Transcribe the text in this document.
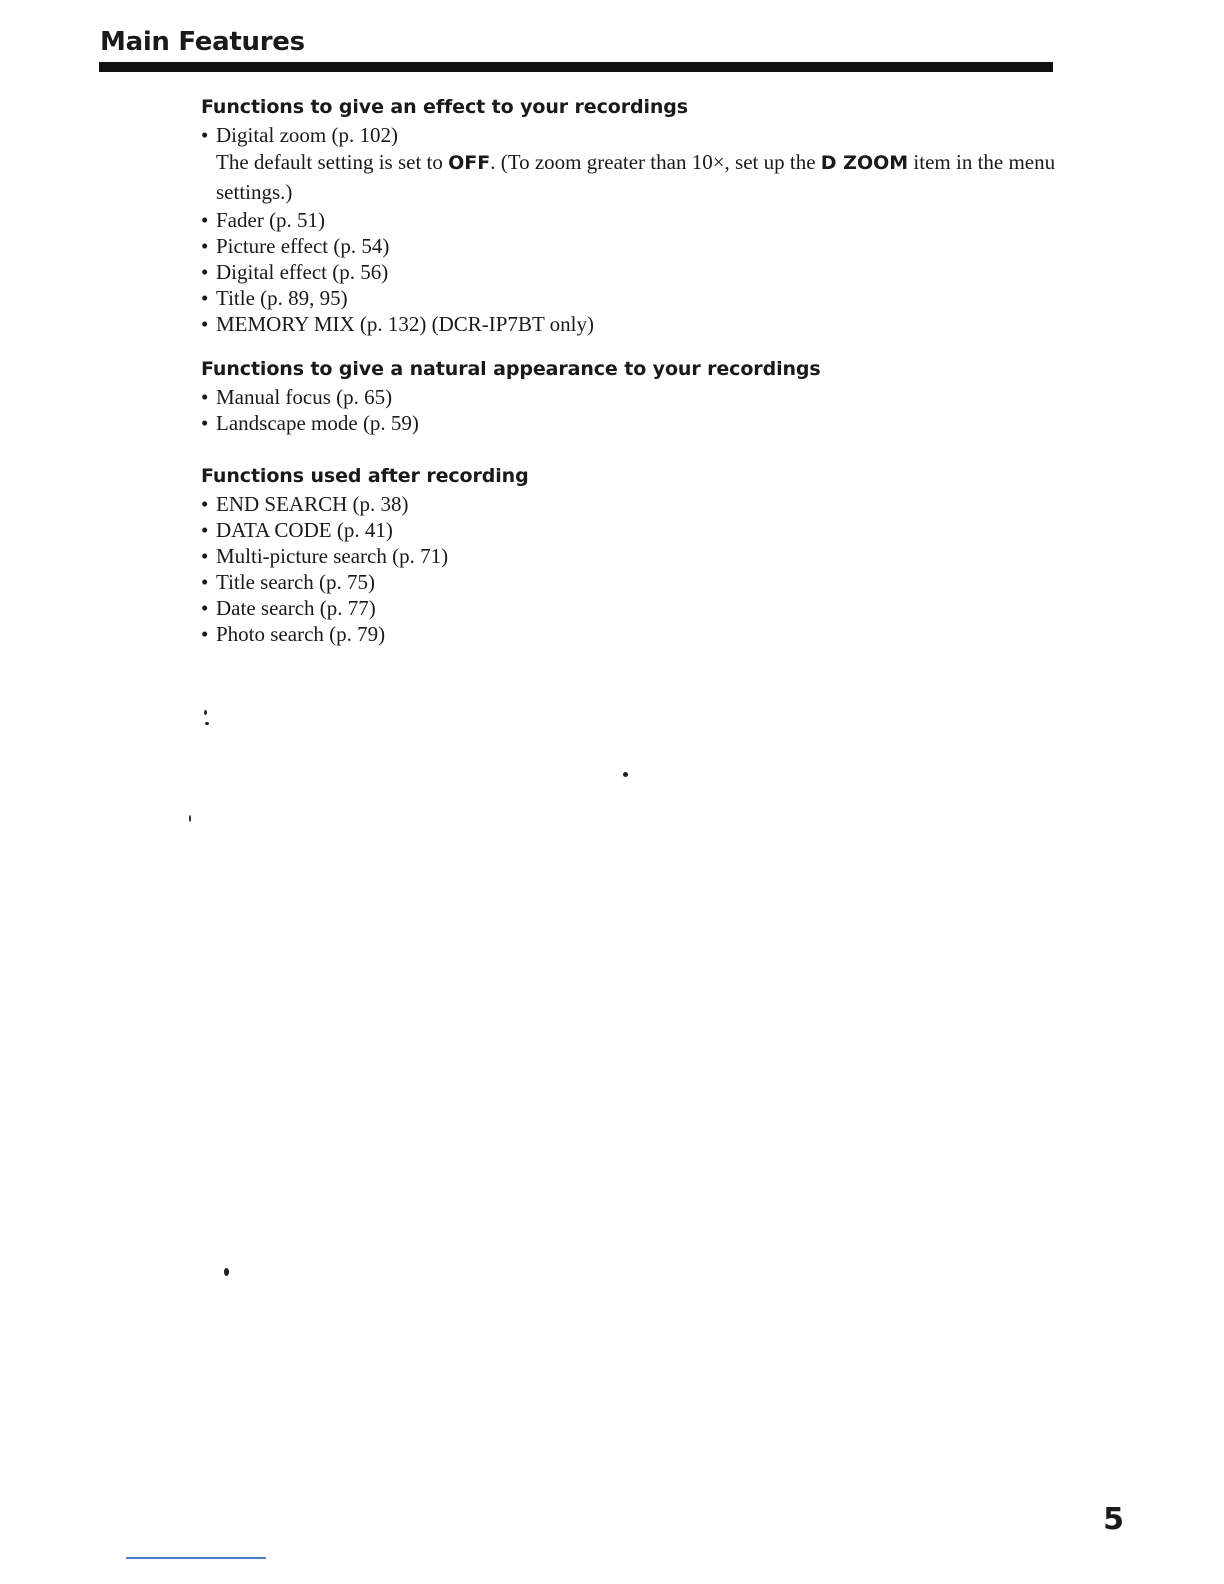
Main Features
Functions to give an effect to your recordings
• Digital zoom (p. 102)
The default setting is set to OFF. (To zoom greater than 10×, set up the D ZOOM item in the menu settings.)
• Fader (p. 51)
• Picture effect (p. 54)
• Digital effect (p. 56)
• Title (p. 89, 95)
• MEMORY MIX (p. 132) (DCR-IP7BT only)
Functions to give a natural appearance to your recordings
• Manual focus (p. 65)
• Landscape mode (p. 59)
Functions used after recording
• END SEARCH (p. 38)
• DATA CODE (p. 41)
• Multi-picture search (p. 71)
• Title search (p. 75)
• Date search (p. 77)
• Photo search (p. 79)

5
